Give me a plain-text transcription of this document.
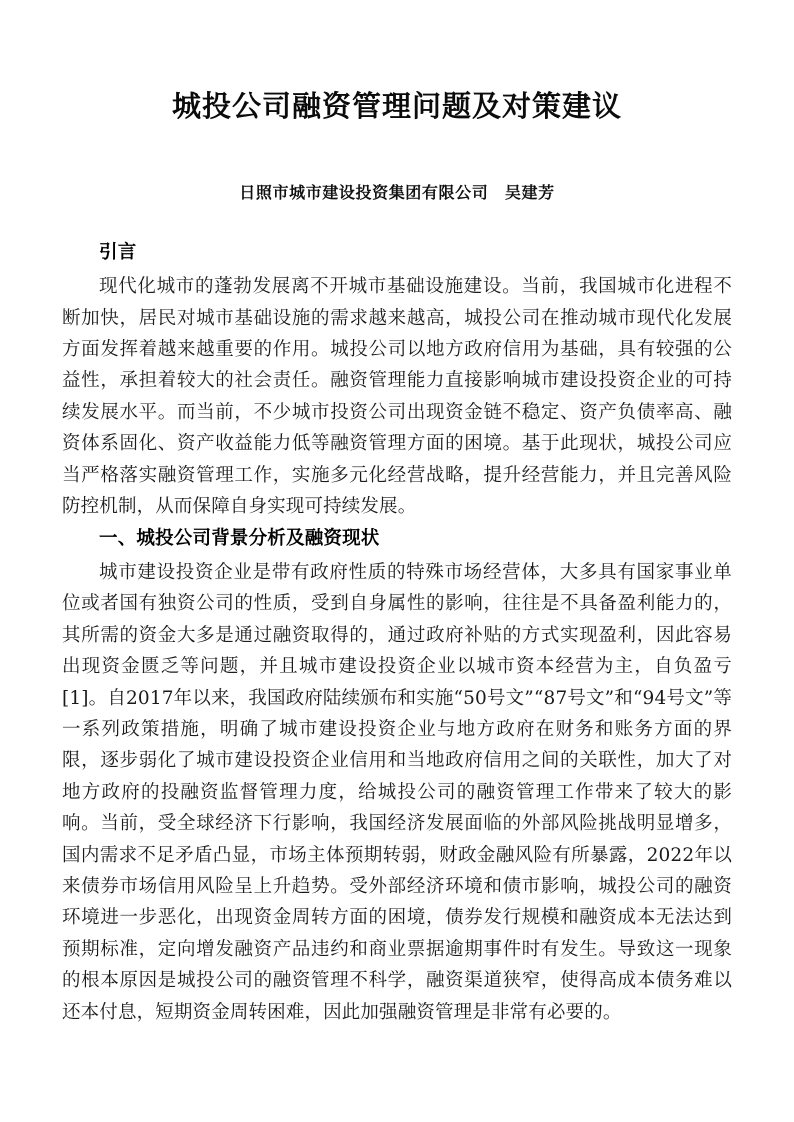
城投公司融资管理问题及对策建议

日照市城市建设投资集团有限公司　吴建芳

引言

现代化城市的蓬勃发展离不开城市基础设施建设。当前，我国城市化进程不断加快，居民对城市基础设施的需求越来越高，城投公司在推动城市现代化发展方面发挥着越来越重要的作用。城投公司以地方政府信用为基础，具有较强的公益性，承担着较大的社会责任。融资管理能力直接影响城市建设投资企业的可持续发展水平。而当前，不少城市投资公司出现资金链不稳定、资产负债率高、融资体系固化、资产收益能力低等融资管理方面的困境。基于此现状，城投公司应当严格落实融资管理工作，实施多元化经营战略，提升经营能力，并且完善风险防控机制，从而保障自身实现可持续发展。

一、城投公司背景分析及融资现状

城市建设投资企业是带有政府性质的特殊市场经营体，大多具有国家事业单位或者国有独资公司的性质，受到自身属性的影响，往往是不具备盈利能力的，其所需的资金大多是通过融资取得的，通过政府补贴的方式实现盈利，因此容易出现资金匮乏等问题，并且城市建设投资企业以城市资本经营为主，自负盈亏[1]。自2017年以来，我国政府陆续颁布和实施“50号文”“87号文”和“94号文”等一系列政策措施，明确了城市建设投资企业与地方政府在财务和账务方面的界限，逐步弱化了城市建设投资企业信用和当地政府信用之间的关联性，加大了对地方政府的投融资监督管理力度，给城投公司的融资管理工作带来了较大的影响。当前，受全球经济下行影响，我国经济发展面临的外部风险挑战明显增多，国内需求不足矛盾凸显，市场主体预期转弱，财政金融风险有所暴露，2022年以来债券市场信用风险呈上升趋势。受外部经济环境和债市影响，城投公司的融资环境进一步恶化，出现资金周转方面的困境，债券发行规模和融资成本无法达到预期标准，定向增发融资产品违约和商业票据逾期事件时有发生。导致这一现象的根本原因是城投公司的融资管理不科学，融资渠道狭窄，使得高成本债务难以还本付息，短期资金周转困难，因此加强融资管理是非常有必要的。
